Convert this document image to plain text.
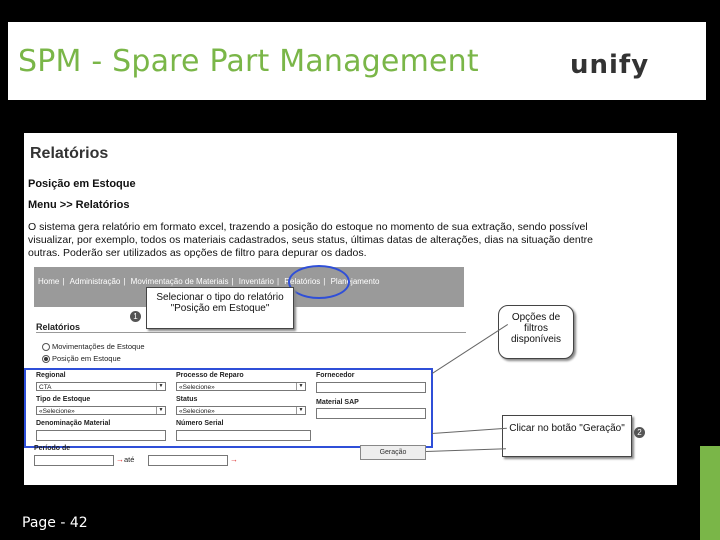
SPM - Spare Part Management	unify
Relatórios
Posição em Estoque
Menu >> Relatórios
O sistema gera relatório em formato excel, trazendo a posição do estoque no momento de sua extração, sendo possível visualizar, por exemplo, todos os materiais cadastrados, seus status, últimas datas de alterações, dias na situação dentre outras. Poderão ser utilizados as opções de filtro para depurar os dados.
Home | Administração | Movimentação de Materiais | Inventário | Relatórios | Planejamento
1
Selecionar o tipo do relatório "Posição em Estoque"
Relatórios
Movimentações de Estoque
Posição em Estoque
Regional
CTA	▼
Processo de Reparo
«Selecione»	▼
Fornecedor
Tipo de Estoque
«Selecione»	▼
Status
«Selecione»	▼
Material SAP
Denominação Material	Número Serial
Período de
→ até	→
Geração
Opções de filtros disponíveis
Clicar no botão "Geração"	2
Page - 42
